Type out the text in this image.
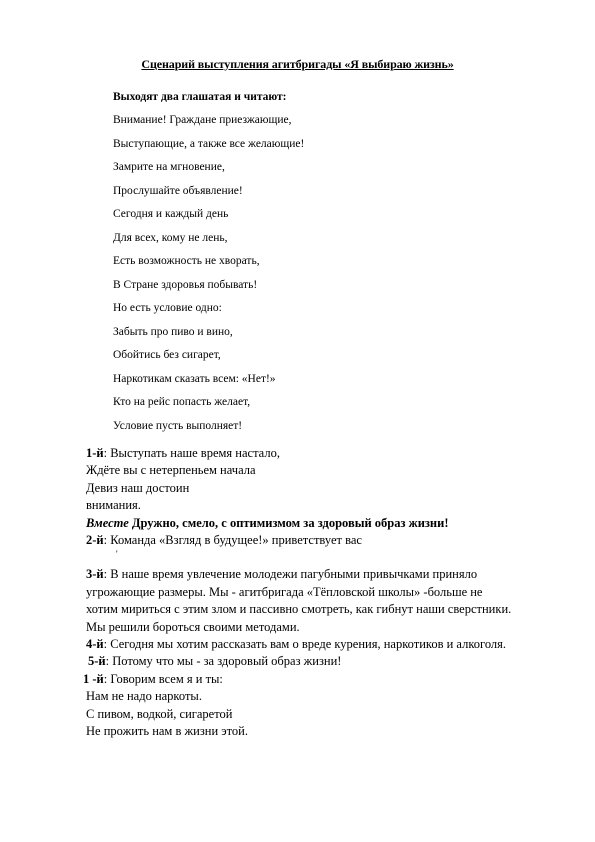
Сценарий выступления агитбригады «Я выбираю жизнь»
Выходят два глашатая и читают:
Внимание! Граждане приезжающие,
Выступающие, а также все желающие!
Замрите на мгновение,
Прослушайте объявление!
Сегодня и каждый день
Для всех, кому не лень,
Есть возможность не хворать,
В Стране здоровья побывать!
Но есть условие одно:
Забыть про пиво и вино,
Обойтись без сигарет,
Наркотикам сказать всем: «Нет!»
Кто на рейс попасть желает,
Условие пусть выполняет!
1-й: Выступать наше время настало,
Ждёте вы с нетерпеньем начала
Девиз наш достоин
внимания.
Вместе Дружно, смело, с оптимизмом за здоровый образ жизни!
2-й: Команда «Взгляд в будущее!» приветствует вас
'
3-й: В наше время увлечение молодежи пагубными привычками приняло угрожающие размеры. Мы - агитбригада «Тёпловской школы» -больше не хотим мириться с этим злом и пассивно смотреть, как гибнут наши сверстники. Мы решили бороться своими методами.
4-й: Сегодня мы хотим рассказать вам о вреде курения, наркотиков и алкоголя.
5-й: Потому что мы - за здоровый образ жизни!
1 -й: Говорим всем я и ты:
Нам не надо наркоты.
С пивом, водкой, сигаретой
Не прожить нам в жизни этой.
